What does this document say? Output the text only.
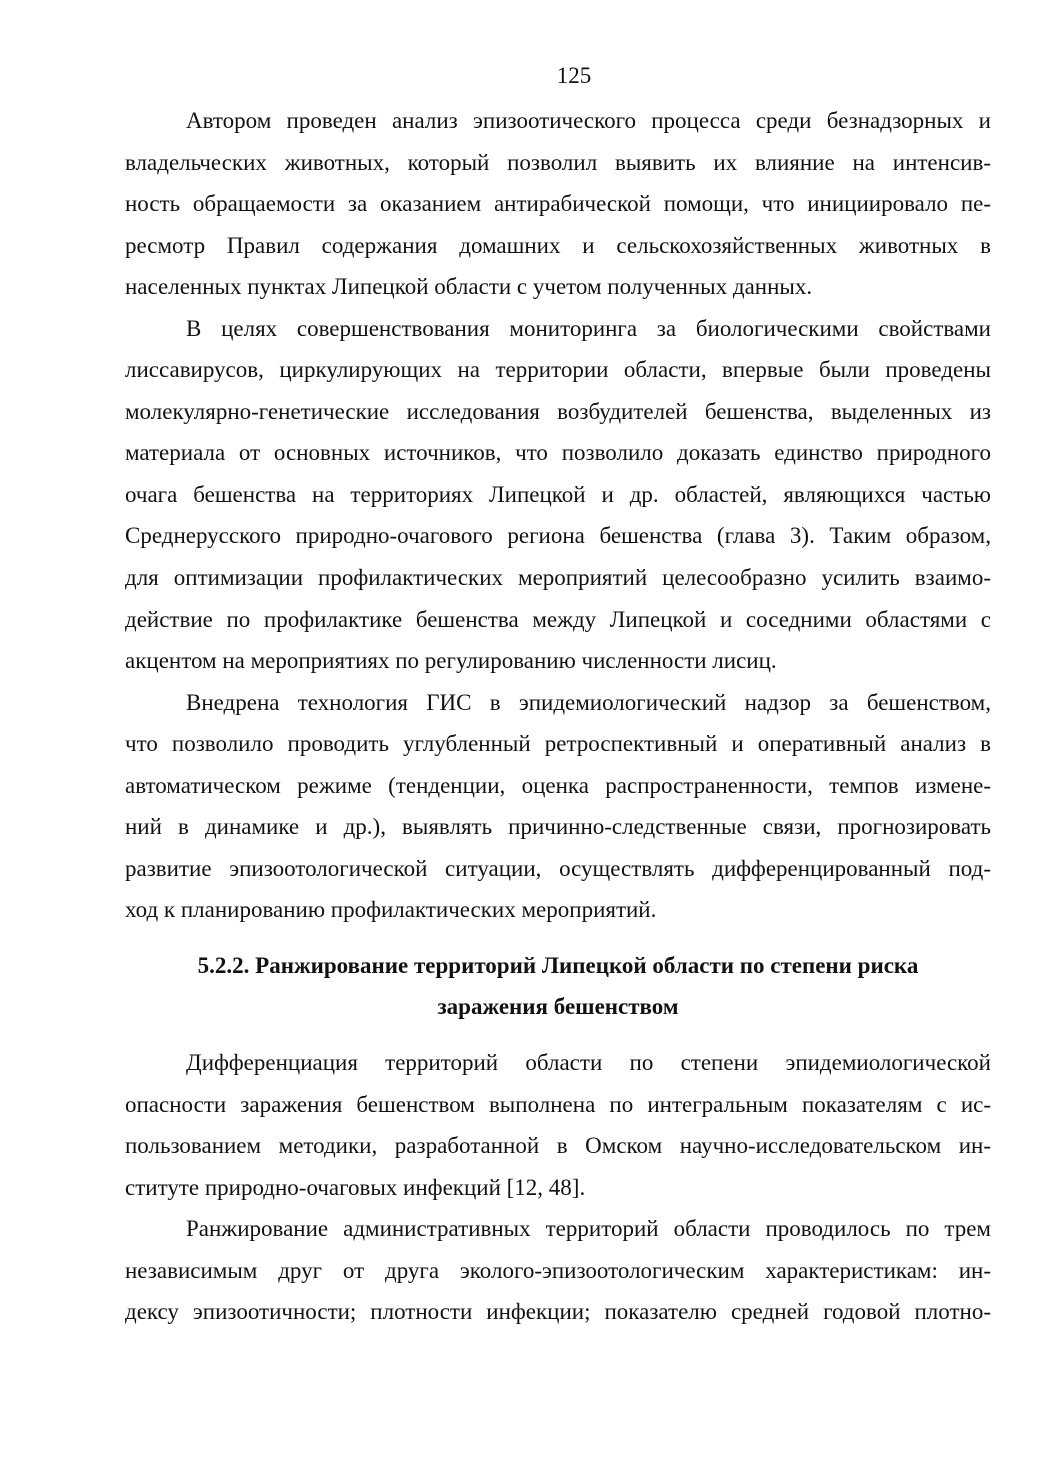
125
Автором проведен анализ эпизоотического процесса среди безнадзорных и
владельческих животных, который позволил выявить их влияние на интенсив-
ность обращаемости за оказанием антирабической помощи, что инициировало пе-
ресмотр Правил содержания домашних и сельскохозяйственных животных в
населенных пунктах Липецкой области с учетом полученных данных.
В целях совершенствования мониторинга за биологическими свойствами
лиссавирусов, циркулирующих на территории области, впервые были проведены
молекулярно-генетические исследования возбудителей бешенства, выделенных из
материала от основных источников, что позволило доказать единство природного
очага бешенства на территориях Липецкой и др. областей, являющихся частью
Среднерусского природно-очагового региона бешенства (глава 3). Таким образом,
для оптимизации профилактических мероприятий целесообразно усилить взаимо-
действие по профилактике бешенства между Липецкой и соседними областями с
акцентом на мероприятиях по регулированию численности лисиц.
Внедрена технология ГИС в эпидемиологический надзор за бешенством,
что позволило проводить углубленный ретроспективный и оперативный анализ в
автоматическом режиме (тенденции, оценка распространенности, темпов измене-
ний в динамике и др.), выявлять причинно-следственные связи, прогнозировать
развитие эпизоотологической ситуации, осуществлять дифференцированный под-
ход к планированию профилактических мероприятий.
5.2.2. Ранжирование территорий Липецкой области по степени риска
заражения бешенством
Дифференциация территорий области по степени эпидемиологической
опасности заражения бешенством выполнена по интегральным показателям с ис-
пользованием методики, разработанной в Омском научно-исследовательском ин-
ституте природно-очаговых инфекций [12, 48].
Ранжирование административных территорий области проводилось по трем
независимым друг от друга эколого-эпизоотологическим характеристикам: ин-
дексу эпизоотичности; плотности инфекции; показателю средней годовой плотно-
